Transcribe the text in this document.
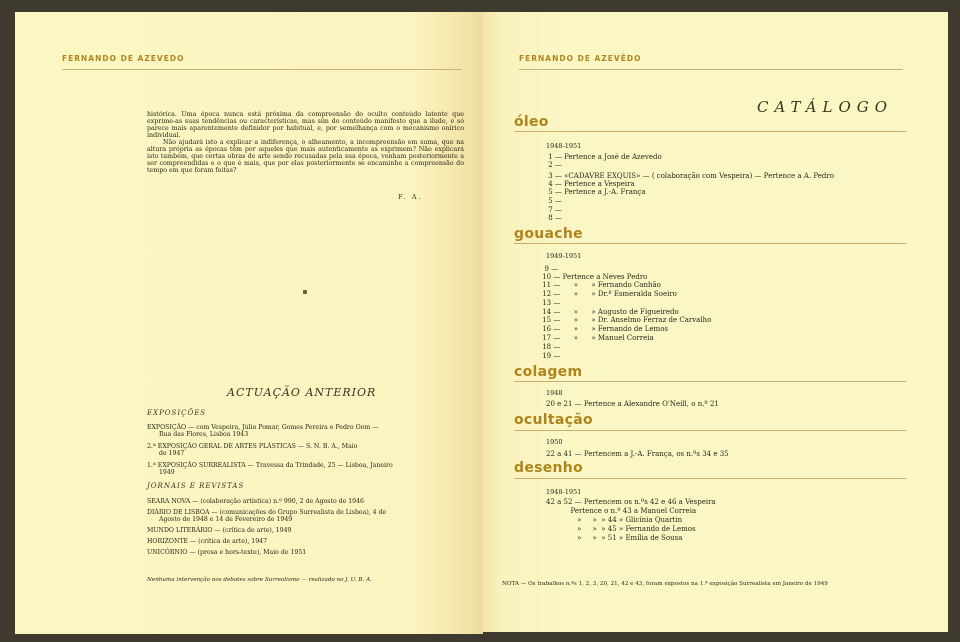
FERNANDO DE AZEVEDO

histórica. Uma época nunca está próxima da compreensão do oculto conteúdo latente que exprime-as suas tendências ou características, mas sim do conteúdo manifesto que a ilude, e só parece mais aparentemente definidor por habitual, e, por semelhança com o mecanismo onírico individual.

Não ajudará isto a explicar a indiferença, o alheamento, a incompreensão em suma, que na altura própria as épocas têm por aqueles que mais autenticamente as exprimem? Não explicará isto também, que certas obras de arte sendo recusadas pela sua época, venham posteriormente a ser compreendidas e o que é mais, que por elas posteriormente se encaminhe a compreensão do tempo em que foram feitas?

F. A.
ACTUAÇÃO ANTERIOR
EXPOSIÇÕES
EXPOSIÇÃO — com Vespeira, Júlio Pomar, Gomes Pereira e Pedro Oom —
Rua das Flores, Lisboa 1943
2.ª EXPOSIÇÃO GERAL DE ARTES PLÁSTICAS — S. N. B. A., Maio
de 1947
1.ª EXPOSIÇÃO SURREALISTA — Travessa da Trindade, 25 — Lisboa, Janeiro
1949
JORNAIS E REVISTAS
SEARA NOVA — (colaboração artística) n.º 990, 2 de Agosto de 1946
DIÁRIO DE LISBOA — (comunicações do Grupo Surrealista de Lisboa), 4 de
Agosto de 1948 e 14 de Fevereiro de 1949
MUNDO LITERÁRIO — (crítica de arte), 1949
HORIZONTE — (crítica de arte), 1947
UNICÓRNIO — (prosa e hors-texte), Maio de 1951
Nenhuma intervenção nos debates sobre Surrealismo — realizado no J. U. B. A.
FERNANDO DE AZEVÊDO
CATÁLOGO
óleo
1948-1951
1 — Pertence a José de Azevedo
2 —
3 — «CADAVRE EXQUIS» — ( colaboração com Vespeira) — Pertence a A. Pedro
4 — Pertence a Vespeira
5 — Pertence a J.-A. França
5 —
7 —
8 —
gouache
1949-1951
9 —
10 — Pertence a Neves Pedro
11 —      »      » Fernando Canhão
12 —      »      » Dr.ª Esmeralda Soeiro
13 —
14 —      »      » Augusto de Figueiredo
15 —      »      » Dr. Anselmo Ferraz de Carvalho
16 —      »      » Fernando de Lemos
17 —      »      » Manuel Correia
18 —
19 —
colagem
1948
20 e 21 — Pertence a Alexandre O'Neill, o n.º 21
ocultação
1950
22 a 41 — Pertencem a J.-A. França, os n.ºs 34 e 35
desenho
1948-1951
42 a 52 — Pertencem os n.ºs 42 e 46 a Vespeira
Pertence o n.º 43 a Manuel Correia
»     »  » 44 » Glicínia Quartin
»     »  » 45 » Fernando de Lemos
»     »  » 51 » Emília de Sousa
NOTA — Os trabalhos n.ºs 1, 2, 3, 20, 21, 42 e 43, foram expostos na 1.ª exposição Surrealista em Janeiro de 1949
